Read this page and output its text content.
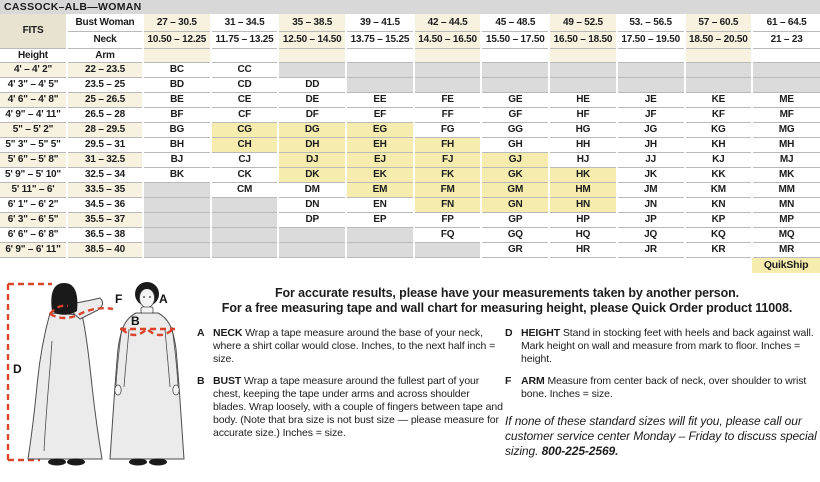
CASSOCK–ALB—WOMAN
FITS	Bust Woman	27 – 30.5	31 – 34.5	35 – 38.5	39 – 41.5	42 – 44.5	45 – 48.5	49 – 52.5	53. – 56.5	57 – 60.5	61 – 64.5
	Neck	10.50 – 12.25	11.75 – 13.25	12.50 – 14.50	13.75 – 15.25	14.50 – 16.50	15.50 – 17.50	16.50 – 18.50	17.50 – 19.50	18.50 – 20.50	21 – 23
Height	Arm										
4' – 4' 2"	22 – 23.5	BC	CC								
4' 3" – 4' 5"	23.5 – 25	BD	CD	DD							
4' 6" – 4' 8"	25 – 26.5	BE	CE	DE	EE	FE	GE	HE	JE	KE	ME
4' 9" – 4' 11"	26.5 – 28	BF	CF	DF	EF	FF	GF	HF	JF	KF	MF
5" – 5' 2"	28 – 29.5	BG	CG	DG	EG	FG	GG	HG	JG	KG	MG
5" 3" – 5" 5"	29.5 – 31	BH	CH	DH	EH	FH	GH	HH	JH	KH	MH
5' 6" – 5' 8"	31 – 32.5	BJ	CJ	DJ	EJ	FJ	GJ	HJ	JJ	KJ	MJ
5' 9" – 5' 10"	32.5 – 34	BK	CK	DK	EK	FK	GK	HK	JK	KK	MK
5' 11" – 6'	33.5 – 35		CM	DM	EM	FM	GM	HM	JM	KM	MM
6' 1" – 6' 2"	34.5 – 36			DN	EN	FN	GN	HN	JN	KN	MN
6' 3" – 6' 5"	35.5 – 37			DP	EP	FP	GP	HP	JP	KP	MP
6' 6" – 6' 8"	36.5 – 38					FQ	GQ	HQ	JQ	KQ	MQ
6' 9" – 6' 11"	38.5 – 40						GR	HR	JR	KR	MR
											QuikShip
D
F	A
B
For accurate results, please have your measurements taken by another person.
For a free measuring tape and wall chart for measuring height, please Quick Order product 11008.
A NECK Wrap a tape measure around the base of your neck, where a shirt collar would close. Inches, to the next half inch = size.
B BUST Wrap a tape measure around the fullest part of your chest, keeping the tape under arms and across shoulder blades. Wrap loosely, with a couple of fingers between tape and body. (Note that bra size is not bust size — please measure for accurate size.) Inches = size.
D HEIGHT Stand in stocking feet with heels and back against wall. Mark height on wall and measure from mark to floor. Inches = height.
F ARM Measure from center back of neck, over shoulder to wrist bone. Inches = size.
If none of these standard sizes will fit you, please call our customer service center Monday – Friday to discuss special sizing. 800-225-2569.
